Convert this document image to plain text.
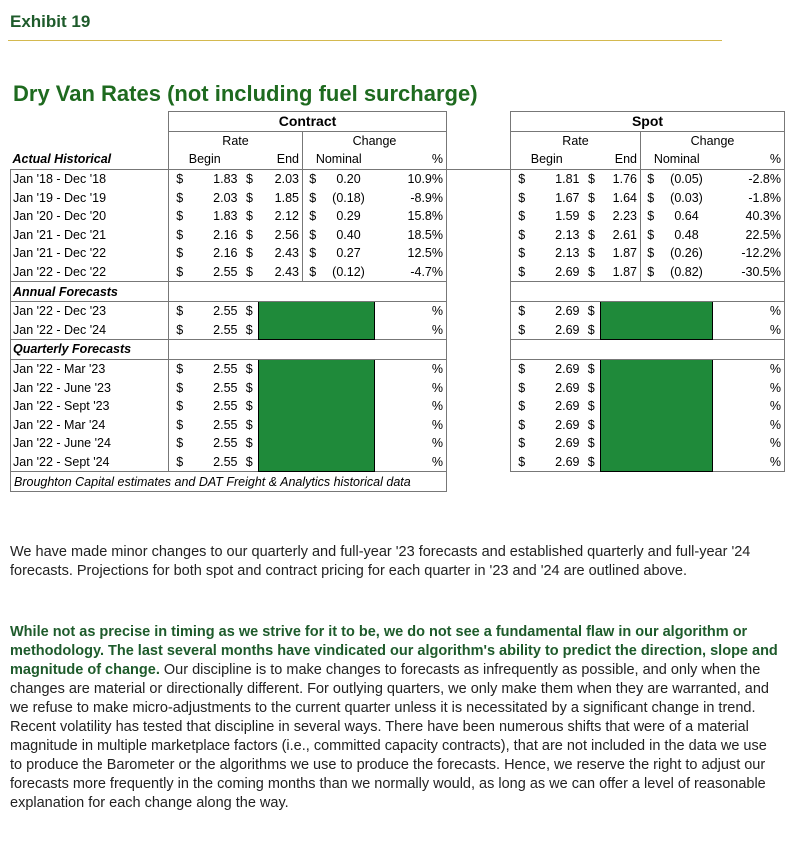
Exhibit 19
Dry Van Rates (not including fuel surcharge)
	Contract								Spot						
	Rate				Change				Rate				Change		
Actual Historical	Begin		End		Nominal		%		Begin		End		Nominal		%
Jan '18 - Dec '18	$	1.83	$	2.03	$	0.20	10.9%		$	1.81	$	1.76	$	(0.05)	-2.8%
Jan '19 - Dec '19	$	2.03	$	1.85	$	(0.18)	-8.9%		$	1.67	$	1.64	$	(0.03)	-1.8%
Jan '20 - Dec '20	$	1.83	$	2.12	$	0.29	15.8%		$	1.59	$	2.23	$	0.64	40.3%
Jan '21 - Dec '21	$	2.16	$	2.56	$	0.40	18.5%		$	2.13	$	2.61	$	0.48	22.5%
Jan '21 - Dec '22	$	2.16	$	2.43	$	0.27	12.5%		$	2.13	$	1.87	$	(0.26)	-12.2%
Jan '22 - Dec '22	$	2.55	$	2.43	$	(0.12)	-4.7%		$	2.69	$	1.87	$	(0.82)	-30.5%
Annual Forecasts															
Jan '22 - Dec '23	$	2.55	$				%		$	2.69	$				%
Jan '22 - Dec '24	$	2.55	$				%		$	2.69	$				%
Quarterly Forecasts															
Jan '22 - Mar '23	$	2.55	$				%		$	2.69	$				%
Jan '22 - June '23	$	2.55	$				%		$	2.69	$				%
Jan '22 - Sept '23	$	2.55	$				%		$	2.69	$				%
Jan '22 - Mar '24	$	2.55	$				%		$	2.69	$				%
Jan '22 - June '24	$	2.55	$				%		$	2.69	$				%
Jan '22 - Sept '24	$	2.55	$				%		$	2.69	$				%
Broughton Capital estimates and DAT Freight & Analytics historical data															
We have made minor changes to our quarterly and full-year '23 forecasts and established quarterly and full-year '24 forecasts. Projections for both spot and contract pricing for each quarter in '23 and '24 are outlined above.
While not as precise in timing as we strive for it to be, we do not see a fundamental flaw in our algorithm or methodology. The last several months have vindicated our algorithm's ability to predict the direction, slope and magnitude of change. Our discipline is to make changes to forecasts as infrequently as possible, and only when the changes are material or directionally different. For outlying quarters, we only make them when they are warranted, and we refuse to make micro-adjustments to the current quarter unless it is necessitated by a significant change in trend. Recent volatility has tested that discipline in several ways. There have been numerous shifts that were of a material magnitude in multiple marketplace factors (i.e., committed capacity contracts), that are not included in the data we use to produce the Barometer or the algorithms we use to produce the forecasts. Hence, we reserve the right to adjust our forecasts more frequently in the coming months than we normally would, as long as we can offer a level of reasonable explanation for each change along the way.
